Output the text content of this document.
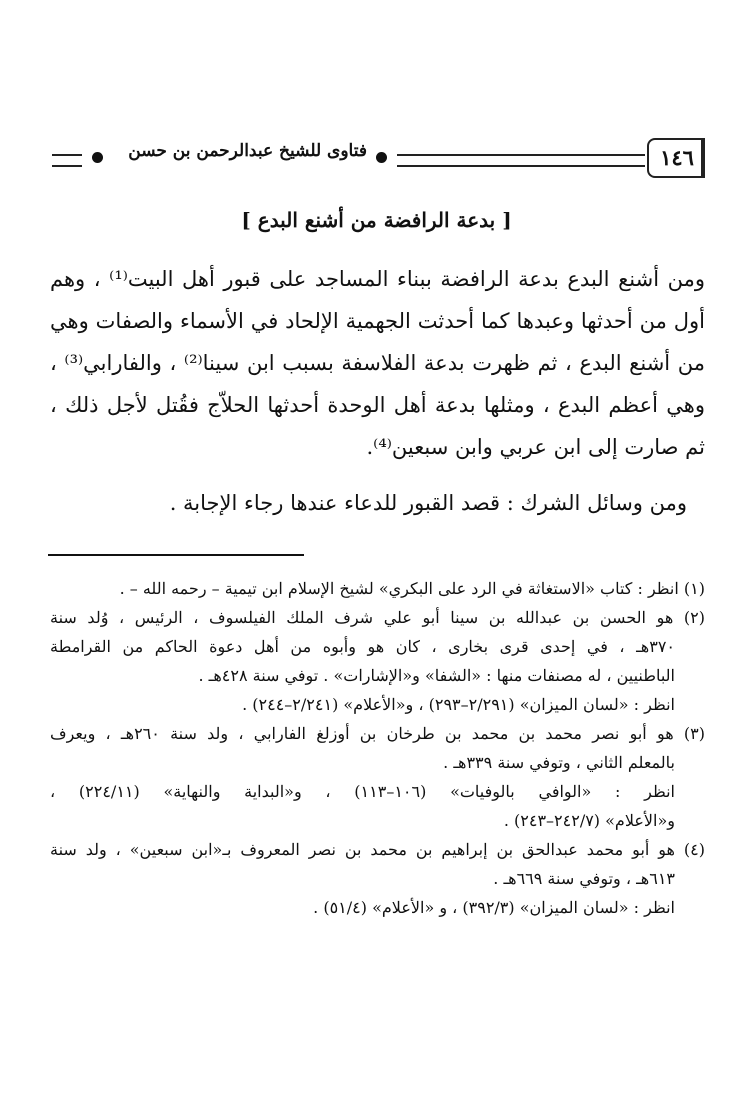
١٤٦
فتاوى للشيخ عبدالرحمن بن حسن
[ بدعة الرافضة من أشنع البدع ]
ومن أشنع البدع بدعة الرافضة ببناء المساجد على قبور أهل البيت⁽¹⁾ ، وهم
أول من أحدثها وعبدها كما أحدثت الجهمية الإلحاد في الأسماء والصفات وهي
من أشنع البدع ، ثم ظهرت بدعة الفلاسفة بسبب ابن سينا⁽²⁾ ، والفارابي⁽³⁾ ،
وهي أعظم البدع ، ومثلها بدعة أهل الوحدة أحدثها الحلاّج فقُتل لأجل ذلك ،
ثم صارت إلى ابن عربي وابن سبعين⁽⁴⁾.
ومن وسائل الشرك : قصد القبور للدعاء عندها رجاء الإجابة .
(١) انظر : كتاب «الاستغاثة في الرد على البكري» لشيخ الإسلام ابن تيمية – رحمه الله – .
(٢) هو الحسن بن عبدالله بن سينا أبو علي شرف الملك الفيلسوف ، الرئيس ، وُلد سنة
٣٧٠هـ ، في إحدى قرى بخارى ، كان هو وأبوه من أهل دعوة الحاكم من القرامطة
الباطنيين ، له مصنفات منها : «الشفا» و«الإشارات» . توفي سنة ٤٢٨هـ .
انظر : «لسان الميزان» (٢/٢٩١–٢٩٣) ، و«الأعلام» (٢/٢٤١–٢٤٤) .
(٣) هو أبو نصر محمد بن محمد بن طرخان بن أوزلغ الفارابي ، ولد سنة ٢٦٠هـ ، ويعرف
بالمعلم الثاني ، وتوفي سنة ٣٣٩هـ .
انظر : «الوافي بالوفيات» (١٠٦–١١٣) ، و«البداية والنهاية» (٢٢٤/١١) ،
و«الأعلام» (٢٤٢/٧–٢٤٣) .
(٤) هو أبو محمد عبدالحق بن إبراهيم بن محمد بن نصر المعروف بـ«ابن سبعين» ، ولد سنة
٦١٣هـ ، وتوفي سنة ٦٦٩هـ .
انظر : «لسان الميزان» (٣٩٢/٣) ، و «الأعلام» (٥١/٤) .
